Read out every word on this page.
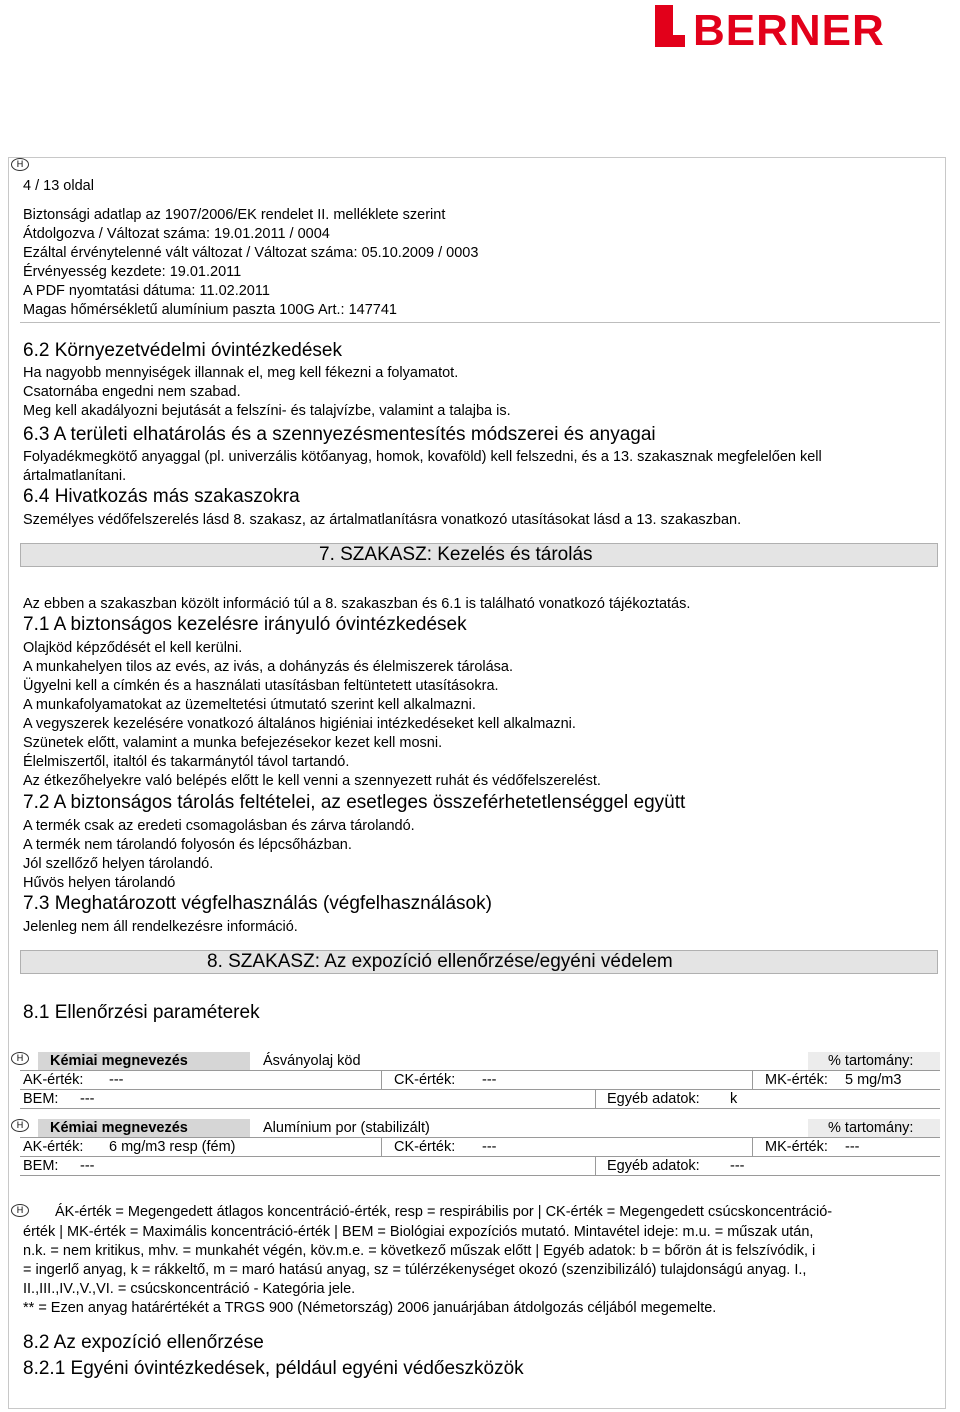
BERNER
H
4 / 13 oldal
Biztonsági adatlap az 1907/2006/EK rendelet II. melléklete szerint
Átdolgozva / Változat száma: 19.01.2011 / 0004
Ezáltal érvénytelenné vált változat / Változat száma: 05.10.2009 / 0003
Érvényesség kezdete: 19.01.2011
A PDF nyomtatási dátuma: 11.02.2011
Magas hőmérsékletű alumínium paszta 100G Art.: 147741
6.2 Környezetvédelmi óvintézkedések
Ha nagyobb mennyiségek illannak el, meg kell fékezni a folyamatot.
Csatornába engedni nem szabad.
Meg kell akadályozni bejutását a felszíni- és talajvízbe, valamint a talajba is.
6.3 A területi elhatárolás és a szennyezésmentesítés módszerei és anyagai
Folyadékmegkötő anyaggal (pl. univerzális kötőanyag, homok, kovaföld) kell felszedni, és a 13. szakasznak megfelelően kell
ártalmatlanítani.
6.4 Hivatkozás más szakaszokra
Személyes védőfelszerelés lásd 8. szakasz, az ártalmatlanításra vonatkozó utasításokat lásd a 13. szakaszban.
7. SZAKASZ: Kezelés és tárolás
Az ebben a szakaszban közölt információ túl a 8. szakaszban és 6.1 is található vonatkozó tájékoztatás.
7.1 A biztonságos kezelésre irányuló óvintézkedések
Olajköd képződését el kell kerülni.
A munkahelyen tilos az evés, az ivás, a dohányzás és élelmiszerek tárolása.
Ügyelni kell a címkén és a használati utasításban feltüntetett utasításokra.
A munkafolyamatokat az üzemeltetési útmutató szerint kell alkalmazni.
A vegyszerek kezelésére vonatkozó általános higiéniai intézkedéseket kell alkalmazni.
Szünetek előtt, valamint a munka befejezésekor kezet kell mosni.
Élelmiszertől, italtól és takarmánytól távol tartandó.
Az étkezőhelyekre való belépés előtt le kell venni a szennyezett ruhát és védőfelszerelést.
7.2 A biztonságos tárolás feltételei, az esetleges összeférhetetlenséggel együtt
A termék csak az eredeti csomagolásban és zárva tárolandó.
A termék nem tárolandó folyosón és lépcsőházban.
Jól szellőző helyen tárolandó.
Hűvös helyen tárolandó
7.3 Meghatározott végfelhasználás (végfelhasználások)
Jelenleg nem áll rendelkezésre információ.
8. SZAKASZ: Az expozíció ellenőrzése/egyéni védelem
8.1 Ellenőrzési paraméterek
H	Kémiai megnevezés	Ásványolaj köd	% tartomány:
AK-érték: ---	CK-érték: ---	MK-érték: 5 mg/m3
BEM: ---	Egyéb adatok: k
H	Kémiai megnevezés	Alumínium por (stabilizált)	% tartomány:
AK-érték: 6 mg/m3 resp (fém)	CK-érték: ---	MK-érték: ---
BEM: ---	Egyéb adatok: ---
H	ÁK-érték = Megengedett átlagos koncentráció-érték, resp = respirábilis por | CK-érték = Megengedett csúcskoncentráció-
érték | MK-érték = Maximális koncentráció-érték | BEM = Biológiai expozíciós mutató. Mintavétel ideje: m.u. = műszak után,
n.k. = nem kritikus, mhv. = munkahét végén, köv.m.e. = következő műszak előtt | Egyéb adatok: b = bőrön át is felszívódik, i
= ingerlő anyag, k = rákkeltő, m = maró hatású anyag, sz = túlérzékenységet okozó (szenzibilizáló) tulajdonságú anyag. I.,
II.,III.,IV.,V.,VI. = csúcskoncentráció - Kategória jele.
** = Ezen anyag határértékét a TRGS 900 (Németország) 2006 januárjában átdolgozás céljából megemelte.
8.2 Az expozíció ellenőrzése
8.2.1 Egyéni óvintézkedések, például egyéni védőeszközök
